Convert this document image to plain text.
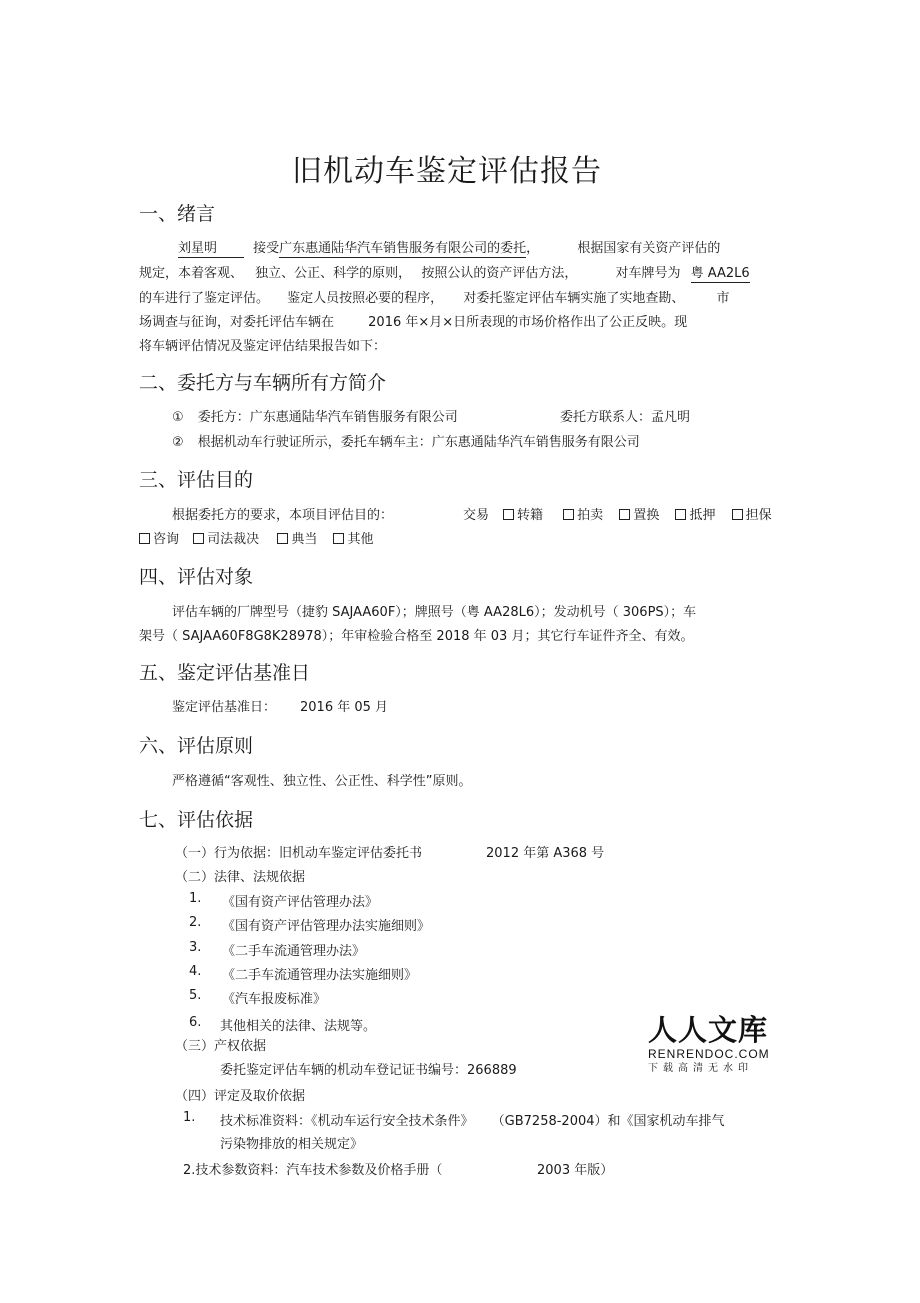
旧机动车鉴定评估报告
一、绪言
刘星明	接受广东惠通陆华汽车销售服务有限公司的委托，	根据国家有关资产评估的
规定，本着客观、 独立、公正、科学的原则， 按照公认的资产评估方法，	对车牌号为 粤 AA2L6
的车进行了鉴定评估。 鉴定人员按照必要的程序， 对委托鉴定评估车辆实施了实地查勘、 市
场调查与征询，对委托评估车辆在	2016 年×月×日所表现的市场价格作出了公正反映。现
将车辆评估情况及鉴定评估结果报告如下：
二、委托方与车辆所有方简介
① 委托方：广东惠通陆华汽车销售服务有限公司	委托方联系人：孟凡明
② 根据机动车行驶证所示，委托车辆车主：广东惠通陆华汽车销售服务有限公司
三、评估目的
根据委托方的要求，本项目评估目的：	交易	转籍	拍卖 置换 抵押 担保
咨询 司法裁决 典当 其他
四、评估对象
评估车辆的厂牌型号（捷豹 SAJAA60F）；牌照号（粤 AA28L6）；发动机号（ 306PS）；车
架号（ SAJAA60F8G8K28978）；年审检验合格至 2018 年 03 月；其它行车证件齐全、有效。
五、鉴定评估基准日
鉴定评估基准日： 2016 年 05 月
六、评估原则
严格遵循“客观性、独立性、公正性、科学性”原则。
七、评估依据
（一）行为依据：旧机动车鉴定评估委托书	2012 年第 A368 号
（二）法律、法规依据
1. 《国有资产评估管理办法》
2. 《国有资产评估管理办法实施细则》
3. 《二手车流通管理办法》
4. 《二手车流通管理办法实施细则》
5. 《汽车报废标准》
6. 其他相关的法律、法规等。
（三）产权依据
委托鉴定评估车辆的机动车登记证书编号：266889
（四）评定及取价依据
1. 技术标准资料：《机动车运行安全技术条件》 （GB7258-2004）和《国家机动车排气
污染物排放的相关规定》
2.技术参数资料：汽车技术参数及价格手册（	2003 年版）
人人文库
RENRENDOC.COM
下载高清无水印
